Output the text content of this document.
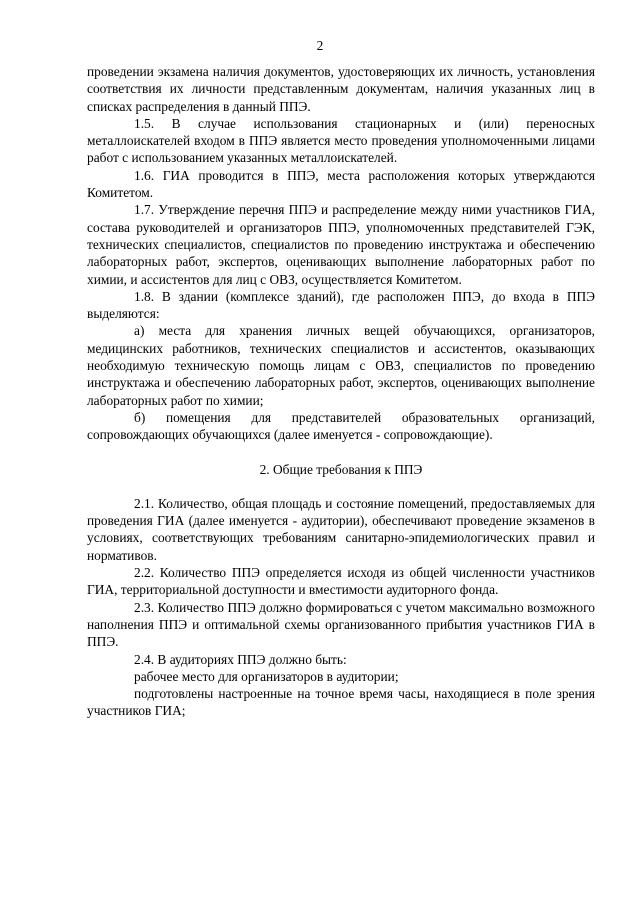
2

проведении экзамена наличия документов, удостоверяющих их личность, установления соответствия их личности представленным документам, наличия указанных лиц в списках распределения в данный ППЭ.

1.5. В случае использования стационарных и (или) переносных металлоискателей входом в ППЭ является место проведения уполномоченными лицами работ с использованием указанных металлоискателей.

1.6. ГИА проводится в ППЭ, места расположения которых утверждаются Комитетом.

1.7. Утверждение перечня ППЭ и распределение между ними участников ГИА, состава руководителей и организаторов ППЭ, уполномоченных представителей ГЭК, технических специалистов, специалистов по проведению инструктажа и обеспечению лабораторных работ, экспертов, оценивающих выполнение лабораторных работ по химии, и ассистентов для лиц с ОВЗ, осуществляется Комитетом.

1.8. В здании (комплексе зданий), где расположен ППЭ, до входа в ППЭ выделяются:

а) места для хранения личных вещей обучающихся, организаторов, медицинских работников, технических специалистов и ассистентов, оказывающих необходимую техническую помощь лицам с ОВЗ, специалистов по проведению инструктажа и обеспечению лабораторных работ, экспертов, оценивающих выполнение лабораторных работ по химии;

б) помещения для представителей образовательных организаций, сопровождающих обучающихся (далее именуется - сопровождающие).

2. Общие требования к ППЭ

2.1. Количество, общая площадь и состояние помещений, предоставляемых для проведения ГИА (далее именуется - аудитории), обеспечивают проведение экзаменов в условиях, соответствующих требованиям санитарно-эпидемиологических правил и нормативов.

2.2. Количество ППЭ определяется исходя из общей численности участников ГИА, территориальной доступности и вместимости аудиторного фонда.

2.3. Количество ППЭ должно формироваться с учетом максимально возможного наполнения ППЭ и оптимальной схемы организованного прибытия участников ГИА в ППЭ.

2.4. В аудиториях ППЭ должно быть:

рабочее место для организаторов в аудитории;

подготовлены настроенные на точное время часы, находящиеся в поле зрения участников ГИА;
